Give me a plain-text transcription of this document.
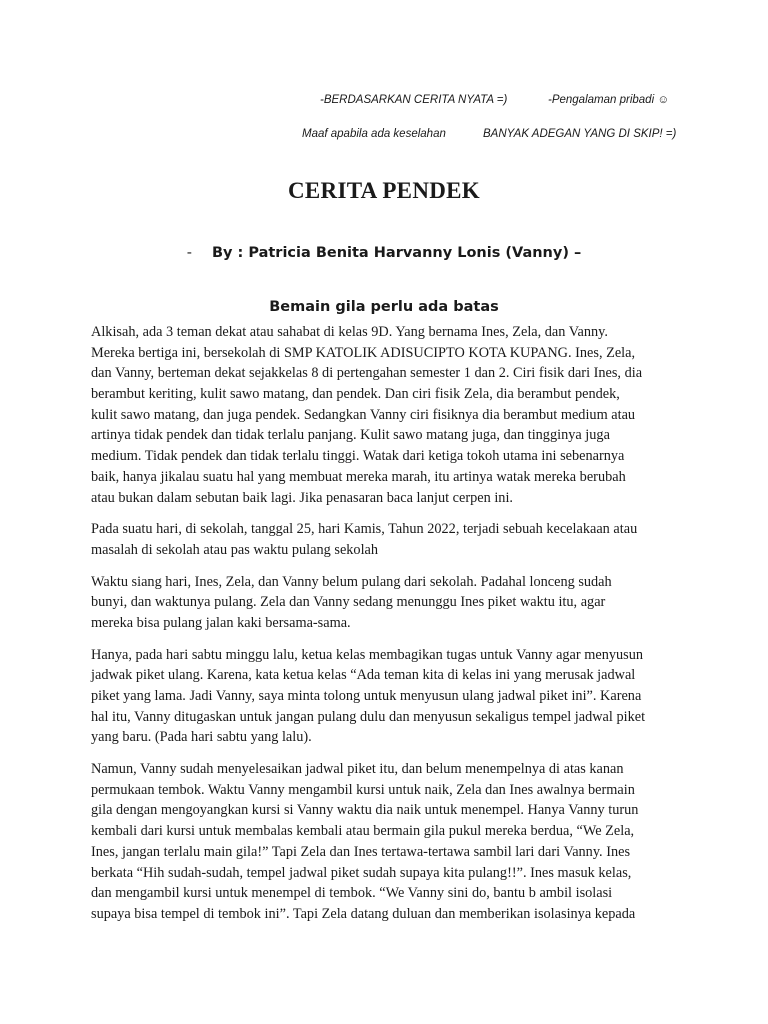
-BERDASARKAN CERITA NYATA =)	-Pengalaman pribadi ☺
Maaf apabila ada keselahan	BANYAK ADEGAN YANG DI SKIP! =)
CERITA PENDEK
- By : Patricia Benita Harvanny Lonis (Vanny) –
Bemain gila perlu ada batas
Alkisah, ada 3 teman dekat atau sahabat di kelas 9D. Yang bernama Ines, Zela, dan Vanny.
Mereka bertiga ini, bersekolah di SMP KATOLIK ADISUCIPTO KOTA KUPANG. Ines, Zela,
dan Vanny, berteman dekat sejakkelas 8 di pertengahan semester 1 dan 2. Ciri fisik dari Ines, dia
berambut keriting, kulit sawo matang, dan pendek. Dan ciri fisik Zela, dia berambut pendek,
kulit sawo matang, dan juga pendek. Sedangkan Vanny ciri fisiknya dia berambut medium atau
artinya tidak pendek dan tidak terlalu panjang. Kulit sawo matang juga, dan tingginya juga
medium. Tidak pendek dan tidak terlalu tinggi. Watak dari ketiga tokoh utama ini sebenarnya
baik, hanya jikalau suatu hal yang membuat mereka marah, itu artinya watak mereka berubah
atau bukan dalam sebutan baik lagi. Jika penasaran baca lanjut cerpen ini.
Pada suatu hari, di sekolah, tanggal 25, hari Kamis, Tahun 2022, terjadi sebuah kecelakaan atau
masalah di sekolah atau pas waktu pulang sekolah
Waktu siang hari, Ines, Zela, dan Vanny belum pulang dari sekolah. Padahal lonceng sudah
bunyi, dan waktunya pulang. Zela dan Vanny sedang menunggu Ines piket waktu itu, agar
mereka bisa pulang jalan kaki bersama-sama.
Hanya, pada hari sabtu minggu lalu, ketua kelas membagikan tugas untuk Vanny agar menyusun
jadwak piket ulang. Karena, kata ketua kelas “Ada teman kita di kelas ini yang merusak jadwal
piket yang lama. Jadi Vanny, saya minta tolong untuk menyusun ulang jadwal piket ini”. Karena
hal itu, Vanny ditugaskan untuk jangan pulang dulu dan menyusun sekaligus tempel jadwal piket
yang baru. (Pada hari sabtu yang lalu).
Namun, Vanny sudah menyelesaikan jadwal piket itu, dan belum menempelnya di atas kanan
permukaan tembok. Waktu Vanny mengambil kursi untuk naik, Zela dan Ines awalnya bermain
gila dengan mengoyangkan kursi si Vanny waktu dia naik untuk menempel. Hanya Vanny turun
kembali dari kursi untuk membalas kembali atau bermain gila pukul mereka berdua, “We Zela,
Ines, jangan terlalu main gila!” Tapi Zela dan Ines tertawa-tertawa sambil lari dari Vanny. Ines
berkata “Hih sudah-sudah, tempel jadwal piket sudah supaya kita pulang!!”. Ines masuk kelas,
dan mengambil kursi untuk menempel di tembok. “We Vanny sini do, bantu b ambil isolasi
supaya bisa tempel di tembok ini”. Tapi Zela datang duluan dan memberikan isolasinya kepada
